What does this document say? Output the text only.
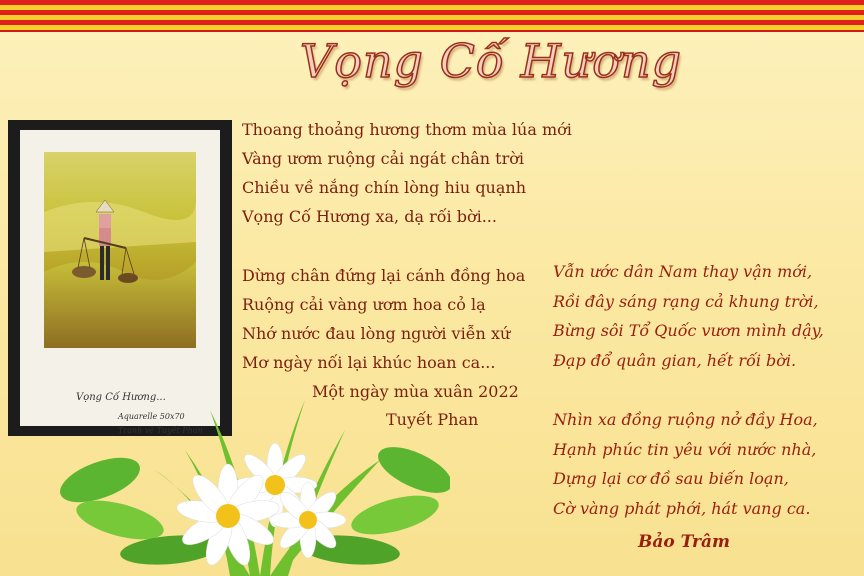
Vọng Cố Hương
Vọng Cố Hương...
Aquarelle 50x70
Tranh vẽ Tuyết Phan
Thoang thoảng hương thơm mùa lúa mới
Vàng ươm ruộng cải ngát chân trời
Chiều về nắng chín lòng hiu quạnh
Vọng Cố Hương xa, dạ rối bời...
Dừng chân đứng lại cánh đồng hoa
Ruộng cải vàng ươm hoa cỏ lạ
Nhớ nước đau lòng người viễn xứ
Mơ ngày nối lại khúc hoan ca...
Một ngày mùa xuân 2022
Tuyết Phan
Vẫn ước dân Nam thay vận mới,
Rồi đây sáng rạng cả khung trời,
Bừng sôi Tổ Quốc vươn mình dậy,
Đạp đổ quân gian, hết rối bời.
Nhìn xa đồng ruộng nở đầy Hoa,
Hạnh phúc tin yêu với nước nhà,
Dựng lại cơ đồ sau biến loạn,
Cờ vàng phát phới, hát vang ca.
Bảo Trâm
